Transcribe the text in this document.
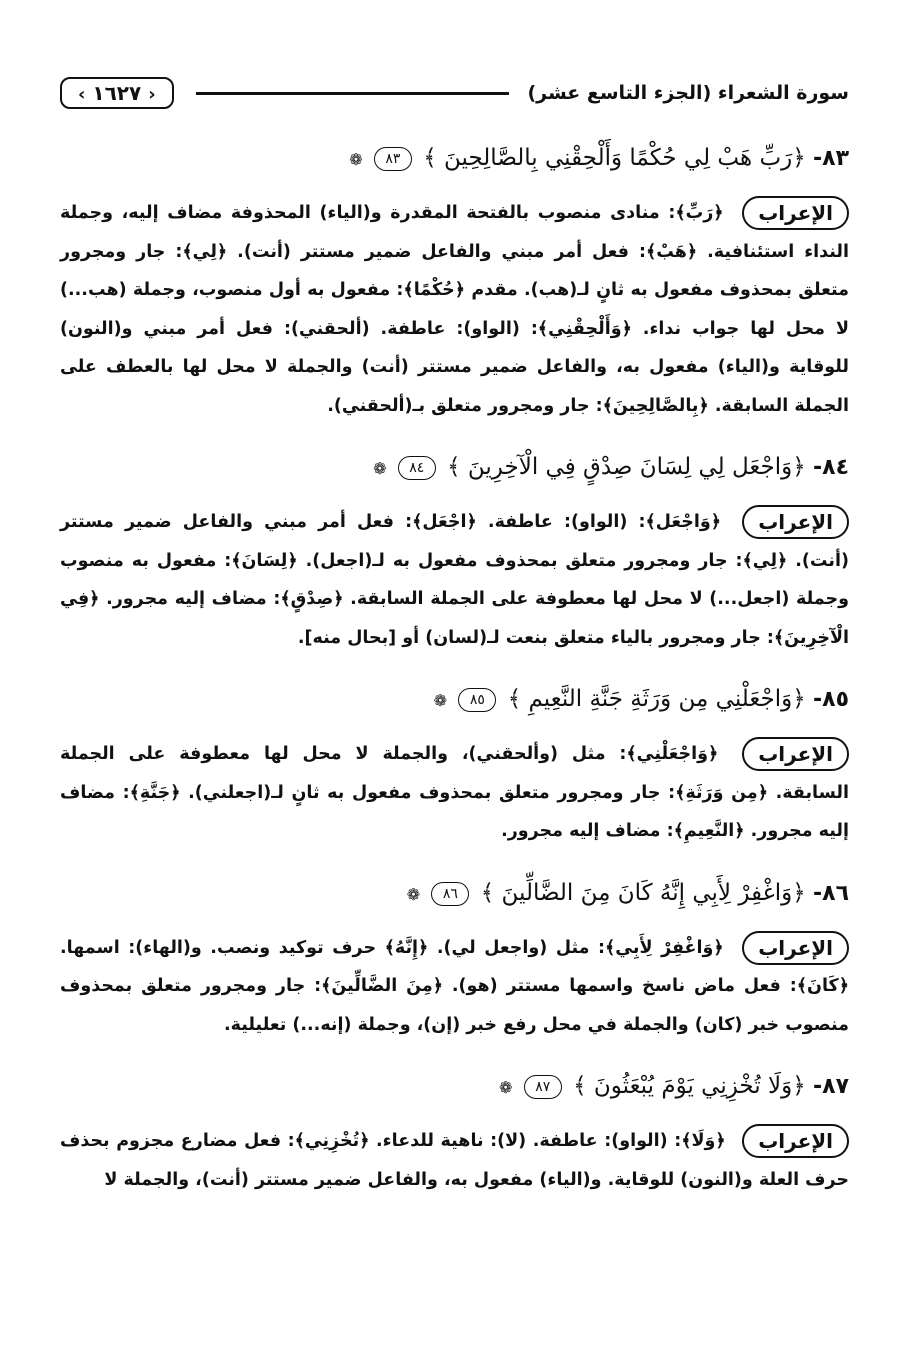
سورة الشعراء (الجزء التاسع عشر)
‹ ١٦٢٧ ›
٨٣- ﴿رَبِّ هَبْ لِي حُكْمًا وَأَلْحِقْنِي بِالصَّالِحِينَ ﴾ ٨٣ ❁
الإعراب ﴿رَبِّ﴾: منادى منصوب بالفتحة المقدرة و(الياء) المحذوفة مضاف إليه، وجملة النداء استئنافية. ﴿هَبْ﴾: فعل أمر مبني والفاعل ضمير مستتر (أنت). ﴿لِي﴾: جار ومجرور متعلق بمحذوف مفعول به ثانٍ لـ(هب). مقدم ﴿حُكْمًا﴾: مفعول به أول منصوب، وجملة (هب...) لا محل لها جواب نداء. ﴿وَأَلْحِقْنِي﴾: (الواو): عاطفة. (ألحقني): فعل أمر مبني و(النون) للوقاية و(الياء) مفعول به، والفاعل ضمير مستتر (أنت) والجملة لا محل لها بالعطف على الجملة السابقة. ﴿بِالصَّالِحِينَ﴾: جار ومجرور متعلق بـ(ألحقني).
٨٤- ﴿وَاجْعَل لِي لِسَانَ صِدْقٍ فِي الْآخِرِينَ ﴾ ٨٤ ❁
الإعراب ﴿وَاجْعَل﴾: (الواو): عاطفة. ﴿اجْعَل﴾: فعل أمر مبني والفاعل ضمير مستتر (أنت). ﴿لِي﴾: جار ومجرور متعلق بمحذوف مفعول به لـ(اجعل). ﴿لِسَانَ﴾: مفعول به منصوب وجملة (اجعل...) لا محل لها معطوفة على الجملة السابقة. ﴿صِدْقٍ﴾: مضاف إليه مجرور. ﴿فِي الْآخِرِينَ﴾: جار ومجرور بالياء متعلق بنعت لـ(لسان) أو [بحال منه].
٨٥- ﴿وَاجْعَلْنِي مِن وَرَثَةِ جَنَّةِ النَّعِيمِ ﴾ ٨٥ ❁
الإعراب ﴿وَاجْعَلْنِي﴾: مثل (وألحقني)، والجملة لا محل لها معطوفة على الجملة السابقة. ﴿مِن وَرَثَةِ﴾: جار ومجرور متعلق بمحذوف مفعول به ثانٍ لـ(اجعلني). ﴿جَنَّةِ﴾: مضاف إليه مجرور. ﴿النَّعِيمِ﴾: مضاف إليه مجرور.
٨٦- ﴿وَاغْفِرْ لِأَبِي إِنَّهُ كَانَ مِنَ الضَّالِّينَ ﴾ ٨٦ ❁
الإعراب ﴿وَاغْفِرْ لِأَبِي﴾: مثل (واجعل لي). ﴿إِنَّهُ﴾ حرف توكيد ونصب. و(الهاء): اسمها. ﴿كَانَ﴾: فعل ماض ناسخ واسمها مستتر (هو). ﴿مِنَ الضَّالِّينَ﴾: جار ومجرور متعلق بمحذوف منصوب خبر (كان) والجملة في محل رفع خبر (إن)، وجملة (إنه...) تعليلية.
٨٧- ﴿وَلَا تُخْزِنِي يَوْمَ يُبْعَثُونَ ﴾ ٨٧ ❁
الإعراب ﴿وَلَا﴾: (الواو): عاطفة. (لا): ناهية للدعاء. ﴿تُخْزِنِي﴾: فعل مضارع مجزوم بحذف حرف العلة و(النون) للوقاية. و(الياء) مفعول به، والفاعل ضمير مستتر (أنت)، والجملة لا
